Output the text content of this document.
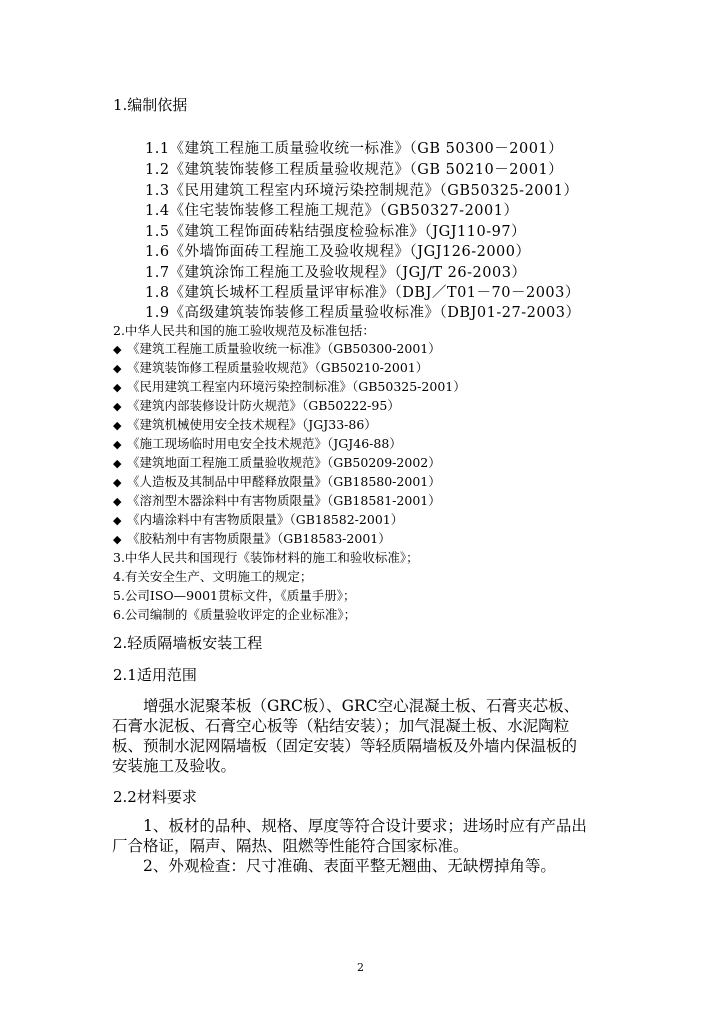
1.编制依据
1.1《建筑工程施工质量验收统一标准》（GB 50300－2001）
1.2《建筑装饰装修工程质量验收规范》（GB 50210－2001）
1.3《民用建筑工程室内环境污染控制规范》（GB50325-2001）
1.4《住宅装饰装修工程施工规范》（GB50327-2001）
1.5《建筑工程饰面砖粘结强度检验标准》（JGJ110-97）
1.6《外墙饰面砖工程施工及验收规程》（JGJ126-2000）
1.7《建筑涂饰工程施工及验收规程》（JGJ/T 26-2003）
1.8《建筑长城杯工程质量评审标准》（DBJ／T01－70－2003）
1.9《高级建筑装饰装修工程质量验收标准》（DBJ01-27-2003）
2.中华人民共和国的施工验收规范及标准包括：
◆ 《建筑工程施工质量验收统一标准》（GB50300-2001）
◆ 《建筑装饰修工程质量验收规范》（GB50210-2001）
◆ 《民用建筑工程室内环境污染控制标准》（GB50325-2001）
◆ 《建筑内部装修设计防火规范》（GB50222-95）
◆ 《建筑机械使用安全技术规程》（JGJ33-86）
◆ 《施工现场临时用电安全技术规范》（JGJ46-88）
◆ 《建筑地面工程施工质量验收规范》（GB50209-2002）
◆ 《人造板及其制品中甲醛释放限量》（GB18580-2001）
◆ 《溶剂型木器涂料中有害物质限量》（GB18581-2001）
◆ 《内墙涂料中有害物质限量》（GB18582-2001）
◆ 《胶粘剂中有害物质限量》（GB18583-2001）
3.中华人民共和国现行《装饰材料的施工和验收标准》；
4.有关安全生产、文明施工的规定；
5.公司ISO—9001贯标文件，《质量手册》；
6.公司编制的《质量验收评定的企业标准》；
2.轻质隔墙板安装工程
2.1适用范围
增强水泥聚苯板（GRC板）、GRC空心混凝土板、石膏夹芯板、
石膏水泥板、石膏空心板等（粘结安装）；加气混凝土板、水泥陶粒
板、预制水泥网隔墙板（固定安装）等轻质隔墙板及外墙内保温板的
安装施工及验收。
2.2材料要求
1、板材的品种、规格、厚度等符合设计要求；进场时应有产品出
厂合格证，隔声、隔热、阻燃等性能符合国家标准。
2、外观检查：尺寸准确、表面平整无翘曲、无缺楞掉角等。
2
